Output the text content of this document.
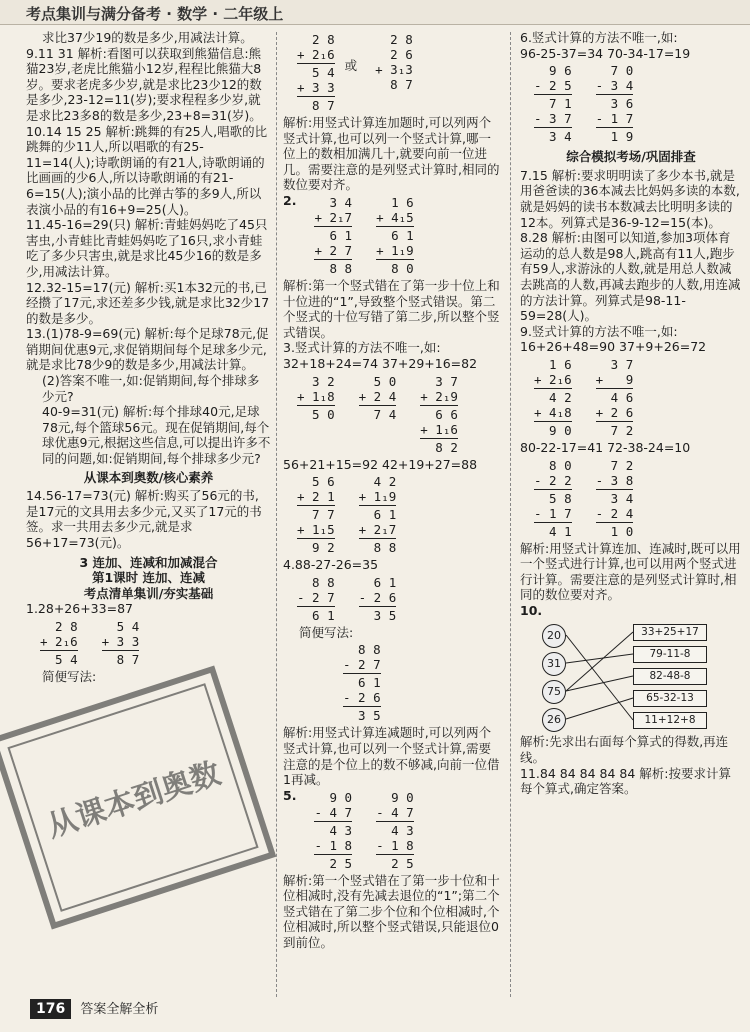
考点集训与满分备考 · 数学 · 二年级上

求比37少19的数是多少,用减法计算。

9.11 31 解析:看图可以获取到熊猫信息:熊猫23岁,老虎比熊猫小12岁,程程比熊猫大8岁。要求老虎多少岁,就是求比23少12的数是多少,23-12=11(岁);要求程程多少岁,就是求比23多8的数是多少,23+8=31(岁)。

10.14 15 25 解析:跳舞的有25人,唱歌的比跳舞的少11人,所以唱歌的有25-11=14(人);诗歌朗诵的有21人,诗歌朗诵的比画画的少6人,所以诗歌朗诵的有21-6=15(人);演小品的比弹古筝的多9人,所以表演小品的有16+9=25(人)。

11.45-16=29(只) 解析:青蛙妈妈吃了45只害虫,小青蛙比青蛙妈妈吃了16只,求小青蛙吃了多少只害虫,就是求比45少16的数是多少,用减法计算。

12.32-15=17(元) 解析:买1本32元的书,已经攒了17元,求还差多少钱,就是求比32少17的数是多少。

13.(1)78-9=69(元) 解析:每个足球78元,促销期间优惠9元,求促销期间每个足球多少元,就是求比78少9的数是多少,用减法计算。

(2)答案不唯一,如:促销期间,每个排球多少元?

40-9=31(元) 解析:每个排球40元,足球78元,每个篮球56元。现在促销期间,每个球优惠9元,根据这些信息,可以提出许多不同的问题,如:促销期间,每个排球多少元?

从课本到奥数/核心素养

14.56-17=73(元) 解析:购买了56元的书,是17元的文具用去多少元,又买了17元的书签。求一共用去多少元,就是求56+17=73(元)。

3 连加、连减和加减混合

第1课时 连加、连减

考点清单集训/夯实基础

1.28+26+33=87

2 8
+ 2₁6
5 4

5 4
+ 3 3
8 7

简便写法:

2 8
+ 2₁6
5 4
+ 3 3
8 7
或
2 8
2 6
+ 3₁3
8 7

解析:用竖式计算连加题时,可以列两个竖式计算,也可以列一个竖式计算,哪一位上的数相加满几十,就要向前一位进几。需要注意的是列竖式计算时,相同的数位要对齐。

2. 3 4
+ 2₁7
6 1
+ 2 7
8 8

1 6
+ 4₁5
6 1
+ 1₁9
8 0

解析:第一个竖式错在了第一步十位上和十位进的“1”,导致整个竖式错误。第二个竖式的十位写错了第二步,所以整个竖式错误。

3.竖式计算的方法不唯一,如:

32+18+24=74 37+29+16=82

3 2
+ 1₁8
5 0

5 0
+ 2 4
7 4

3 7
+ 2₁9
6 6
+ 1₁6
8 2

56+21+15=92 42+19+27=88

5 6
+ 2 1
7 7
+ 1₁5
9 2

4 2
+ 1₁9
6 1
+ 2₁7
8 8

4.88-27-26=35

8 8
- 2 7
6 1

6 1
- 2 6
3 5

简便写法:

8 8
- 2 7
6 1
- 2 6
3 5

解析:用竖式计算连减题时,可以列两个竖式计算,也可以列一个竖式计算,需要注意的是个位上的数不够减,向前一位借1再减。

5. 9 0
- 4 7
4 3
- 1 8
2 5

9 0
- 4 7
4 3
- 1 8
2 5

解析:第一个竖式错在了第一步十位和十位相减时,没有先减去退位的“1”;第二个竖式错在了第二步个位和个位相减时,个位相减时,所以整个竖式错误,只能退位0到前位。

6.竖式计算的方法不唯一,如:

96-25-37=34 70-34-17=19

9 6
- 2 5
7 1
- 3 7
3 4

7 0
- 3 4
3 6
- 1 7
1 9

综合模拟考场/巩固排查

7.15 解析:要求明明读了多少本书,就是用爸爸读的36本减去比妈妈多读的本数,就是妈妈的读书本数减去比明明多读的12本。列算式是36-9-12=15(本)。

8.28 解析:由图可以知道,参加3项体育运动的总人数是98人,跳高有11人,跑步有59人,求游泳的人数,就是用总人数减去跳高的人数,再减去跑步的人数,用连减的方法计算。列算式是98-11-59=28(人)。

9.竖式计算的方法不唯一,如:

16+26+48=90 37+9+26=72

1 6
+ 2₁6
4 2
+ 4₁8
9 0

3 7
+   9
4 6
+ 2 6
7 2

80-22-17=41 72-38-24=10

8 0
- 2 2
5 8
- 1 7
4 1

7 2
- 3 8
3 4
- 2 4
1 0

解析:用竖式计算连加、连减时,既可以用一个竖式进行计算,也可以用两个竖式进行计算。需要注意的是列竖式计算时,相同的数位要对齐。

10.

20
31
75
26
33+25+17
79-11-8
82-48-8
65-32-13
11+12+8

解析:先求出右面每个算式的得数,再连线。

11.84 84 84 84 84 解析:按要求计算每个算式,确定答案。

从课本到奥数
176 答案全解全析
